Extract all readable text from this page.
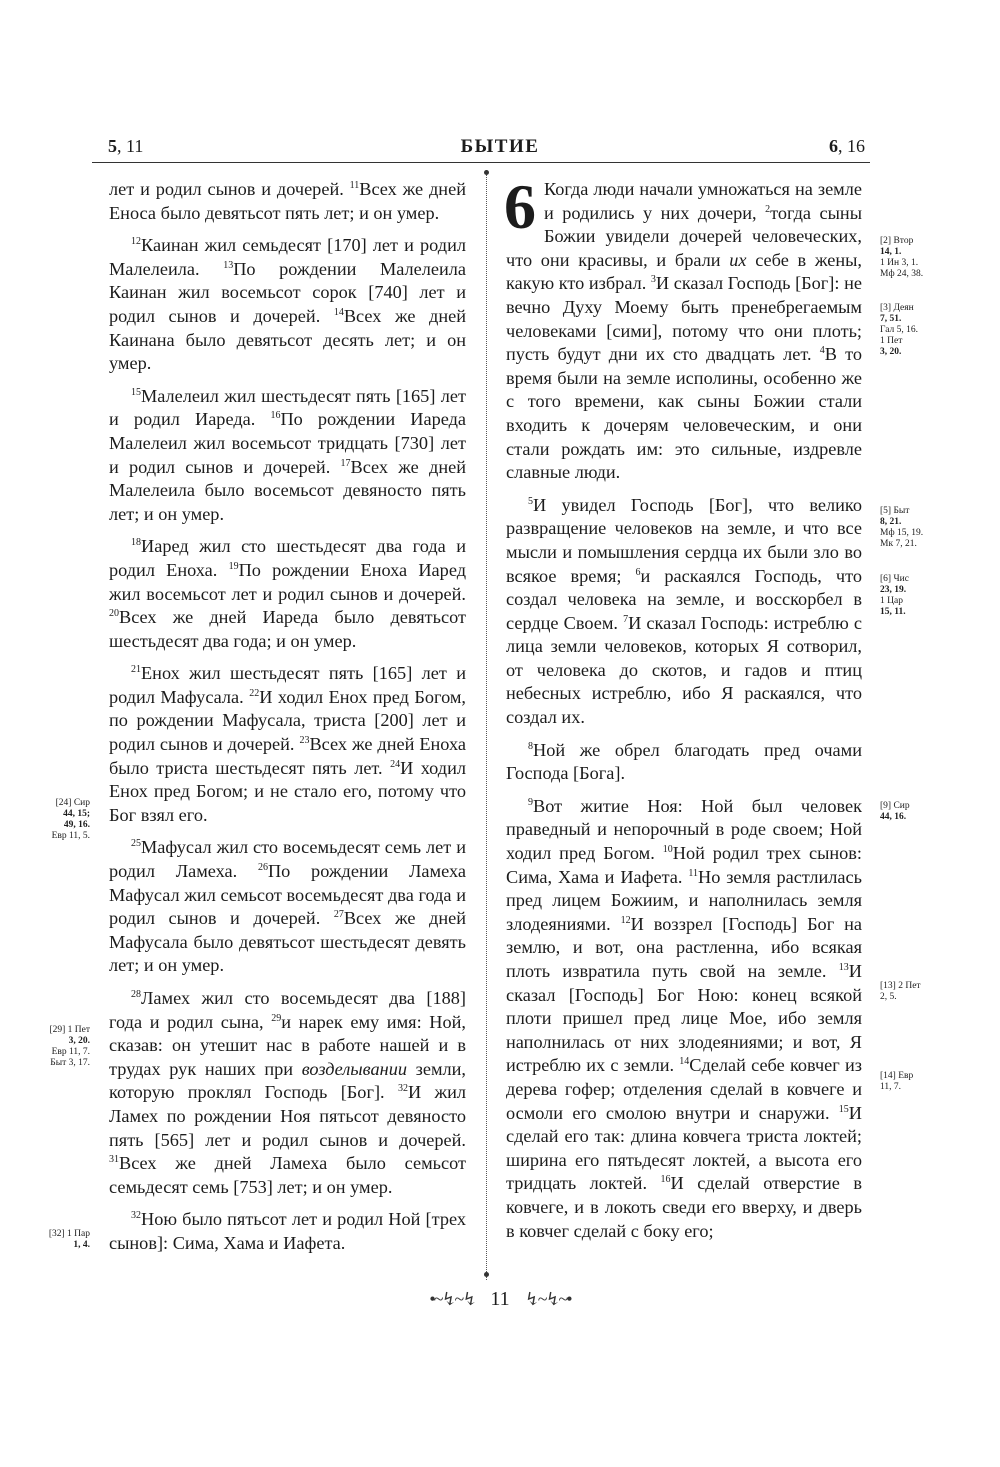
5, 11	БЫТИЕ	6, 16

лет и родил сынов и дочерей. $^{11}$Всех же дней Еноса было девятьсот пять лет; и он умер.

$^{12}$Каинан жил семьдесят [170] лет и родил Малелеила. $^{13}$По рождении Малелеила Каинан жил восемьсот сорок [740] лет и родил сынов и дочерей. $^{14}$Всех же дней Каинана было девятьсот десять лет; и он умер.

$^{15}$Малелеил жил шестьдесят пять [165] лет и родил Иареда. $^{16}$По рождении Иареда Малелеил жил восемьсот тридцать [730] лет и родил сынов и дочерей. $^{17}$Всех же дней Малелеила было восемьсот девяносто пять лет; и он умер.

$^{18}$Иаред жил сто шестьдесят два года и родил Еноха. $^{19}$По рождении Еноха Иаред жил восемьсот лет и родил сынов и дочерей. $^{20}$Всех же дней Иареда было девятьсот шестьдесят два года; и он умер.

$^{21}$Енох жил шестьдесят пять [165] лет и родил Мафусала. $^{22}$И ходил Енох пред Богом, по рождении Мафусала, триста [200] лет и родил сынов и дочерей. $^{23}$Всех же дней Еноха было триста шестьдесят пять лет. $^{24}$И ходил Енох пред Богом; и не стало его, потому что Бог взял его.

$^{25}$Мафусал жил сто восемьдесят семь лет и родил Ламеха. $^{26}$По рождении Ламеха Мафусал жил семьсот восемьдесят два года и родил сынов и дочерей. $^{27}$Всех же дней Мафусала было девятьсот шестьдесят девять лет; и он умер.

$^{28}$Ламех жил сто восемьдесят два [188] года и родил сына, $^{29}$и нарек ему имя: Ной, сказав: он утешит нас в работе нашей и в трудах рук наших при возделывании земли, которую проклял Господь [Бог]. $^{32}$И жил Ламех по рождении Ноя пятьсот девяносто пять [565] лет и родил сынов и дочерей. $^{31}$Всех же дней Ламеха было семьсот семьдесят семь [753] лет; и он умер.

$^{32}$Ною было пятьсот лет и родил Ной [трех сынов]: Сима, Хама и Иафета.

6 Когда люди начали умножаться на земле и родились у них дочери, $^2$тогда сыны Божии увидели дочерей человеческих, что они красивы, и брали их себе в жены, какую кто избрал. $^3$И сказал Господь [Бог]: не вечно Духу Моему быть пренебрегаемым человеками [сими], потому что они плоть; пусть будут дни их сто двадцать лет. $^4$В то время были на земле исполины, особенно же с того времени, как сыны Божии стали входить к дочерям человеческим, и они стали рождать им: это сильные, издревле славные люди.

$^5$И увидел Господь [Бог], что велико развращение человеков на земле, и что все мысли и помышления сердца их были зло во всякое время; $^6$и раскаялся Господь, что создал человека на земле, и восскорбел в сердце Своем. $^7$И сказал Господь: истреблю с лица земли человеков, которых Я сотворил, от человека до скотов, и гадов и птиц небесных истреблю, ибо Я раскаялся, что создал их.

$^8$Ной же обрел благодать пред очами Господа [Бога].

$^9$Вот житие Ноя: Ной был человек праведный и непорочный в роде своем; Ной ходил пред Богом. $^{10}$Ной родил трех сынов: Сима, Хама и Иафета. $^{11}$Но земля растлилась пред лицем Божиим, и наполнилась земля злодеяниями. $^{12}$И воззрел [Господь] Бог на землю, и вот, она растленна, ибо всякая плоть извратила путь свой на земле. $^{13}$И сказал [Господь] Бог Ною: конец всякой плоти пришел пред лице Мое, ибо земля наполнилась от них злодеяниями; и вот, Я истреблю их с земли. $^{14}$Сделай себе ковчег из дерева гофер; отделения сделай в ковчеге и осмоли его смолою внутри и снаружи. $^{15}$И сделай его так: длина ковчега триста локтей; ширина его пятьдесят локтей, а высота его тридцать локтей. $^{16}$И сделай отверстие в ковчеге, и в локоть сведи его вверху, и дверь в ковчег сделай с боку его;

[24] Сир
44, 15;
49, 16.
Евр 11, 5.
[29] 1 Пет
3, 20.
Евр 11, 7.
Быт 3, 17.
[32] 1 Пар
1, 4.
[2] Втор
14, 1.
1 Ин 3, 1.
Мф 24, 38.
[3] Деян
7, 51.
Гал 5, 16.
1 Пет
3, 20.
[5] Быт
8, 21.
Мф 15, 19.
Мк 7, 21.
[6] Чис
23, 19.
1 Цар
15, 11.
[9] Сир
44, 16.
[13] 2 Пет
2, 5.
[14] Евр
11, 7.
•~↯~↯ 11 ↯~↯~•
